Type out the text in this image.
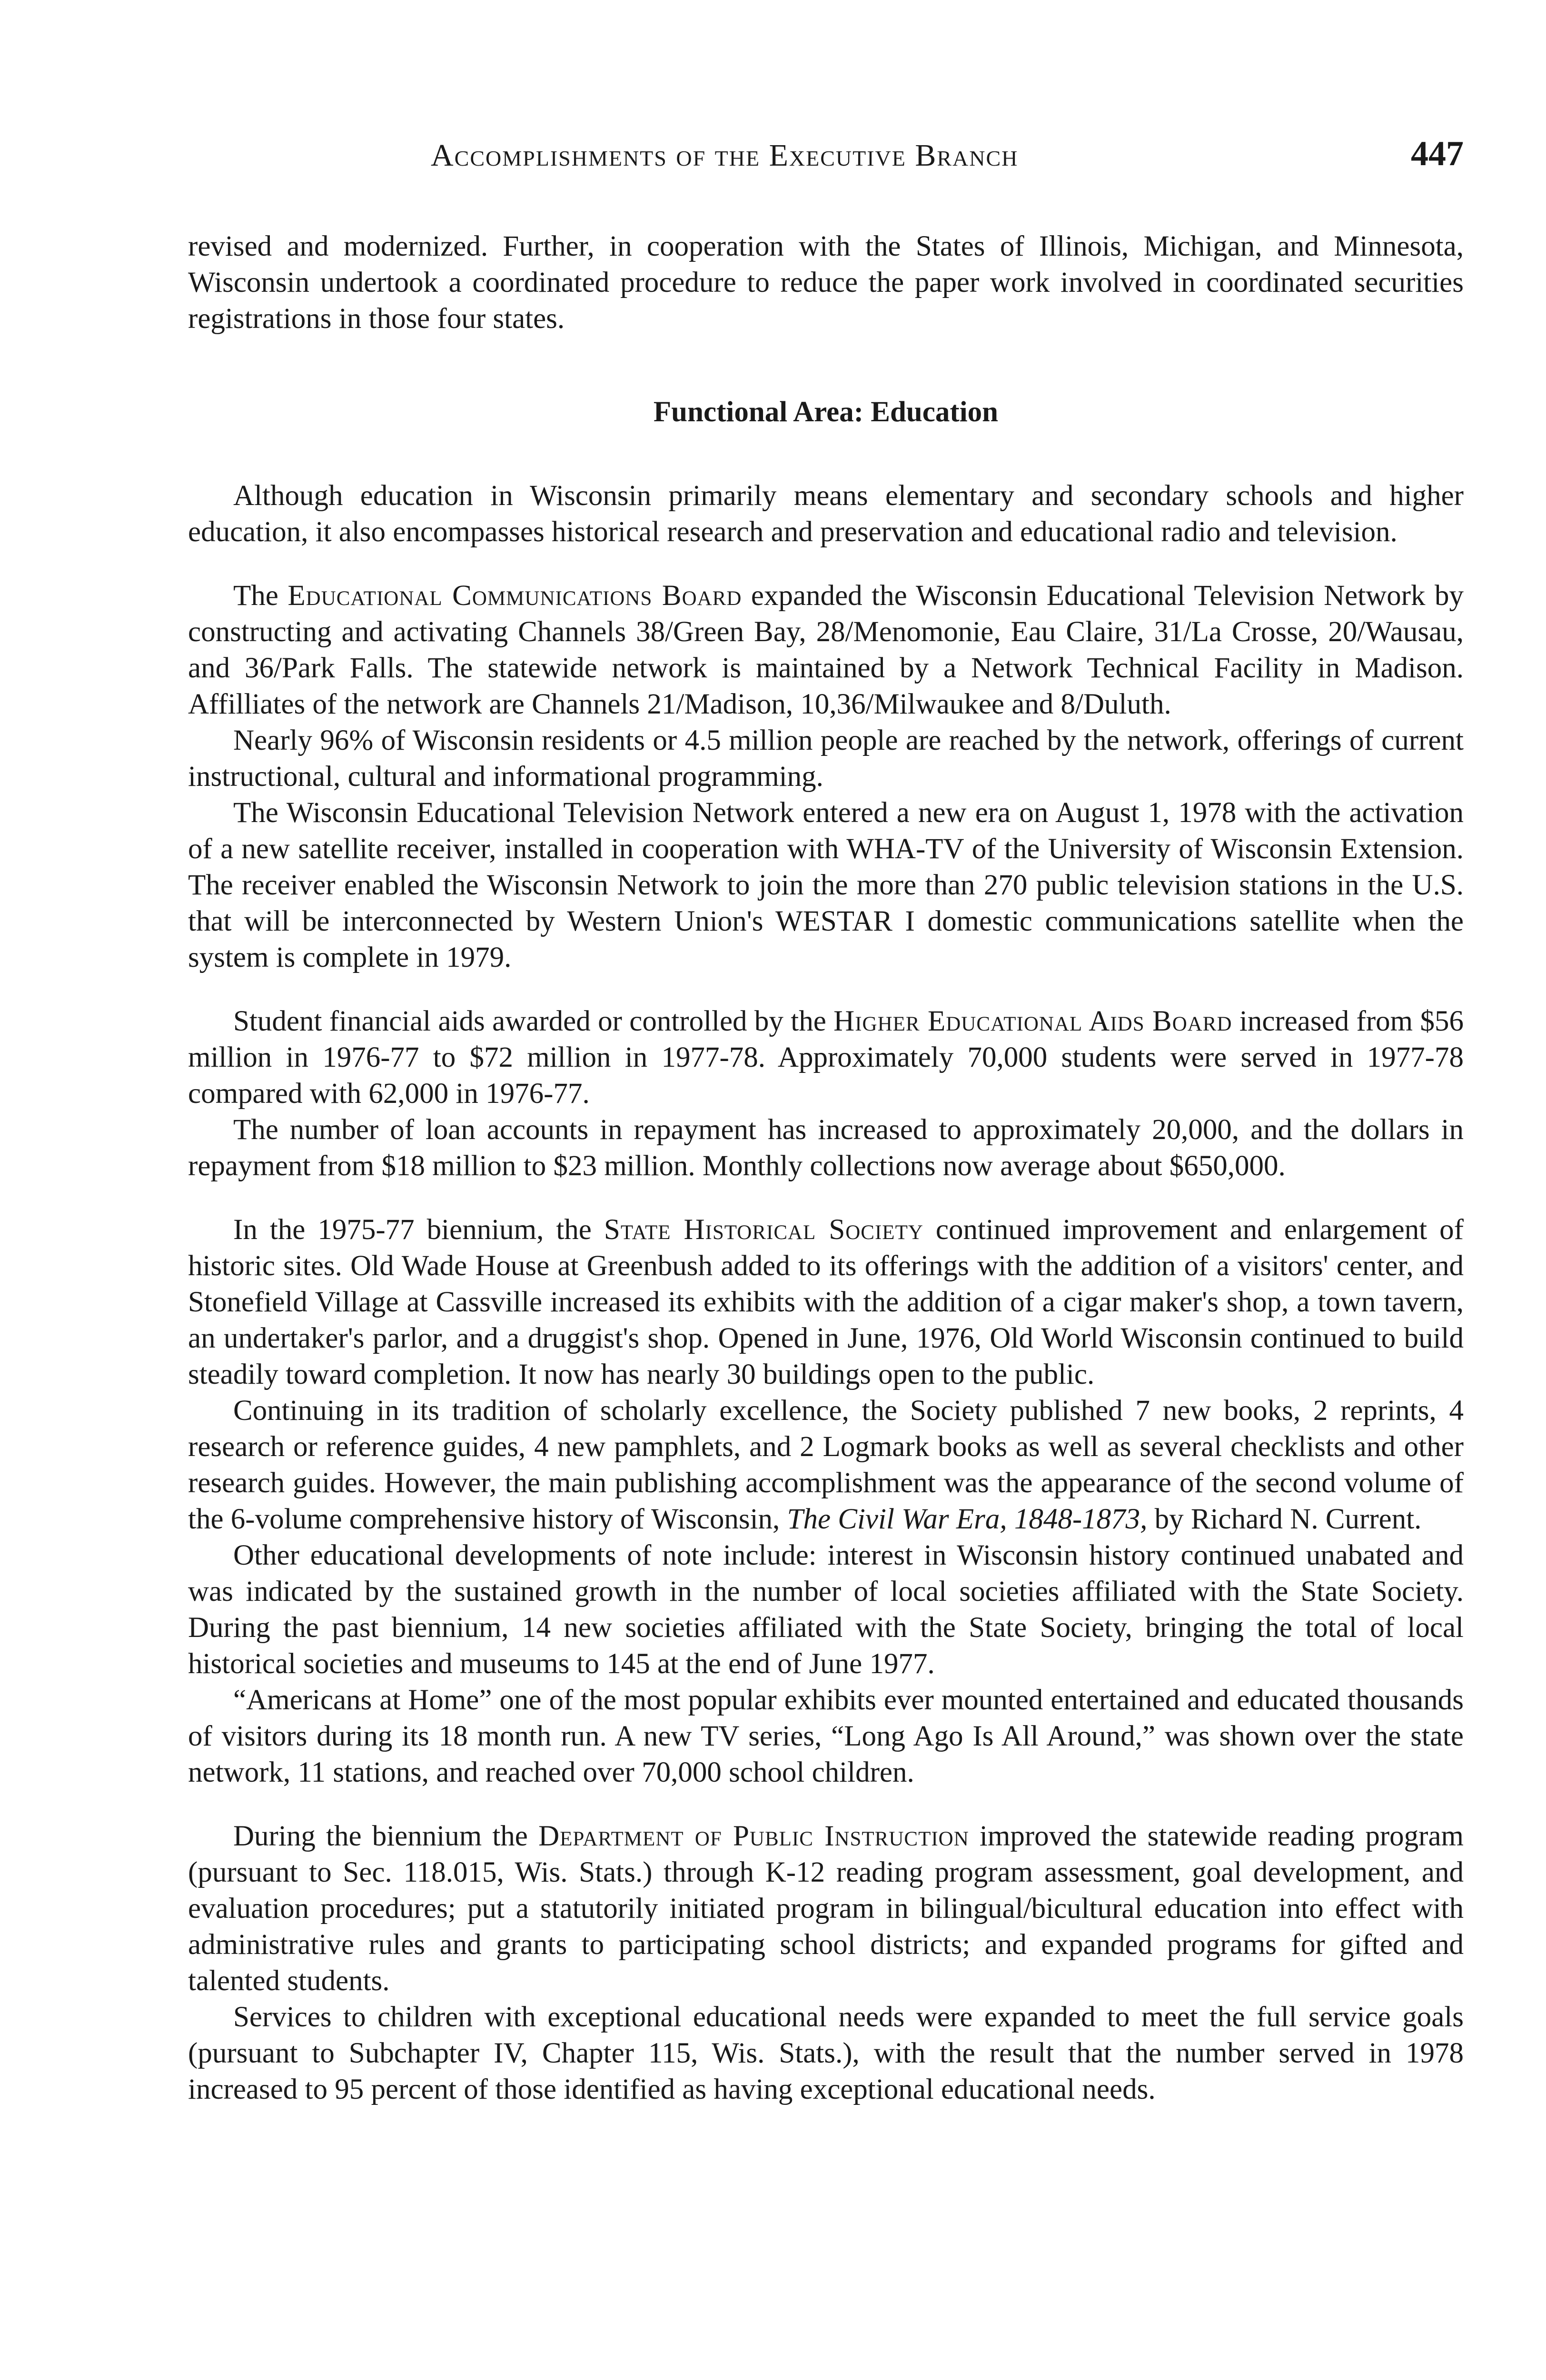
Accomplishments of the Executive Branch	447

revised and modernized. Further, in cooperation with the States of Illinois, Michigan, and Minnesota, Wisconsin undertook a coordinated procedure to reduce the paper work involved in coordinated securities registrations in those four states.

Functional Area: Education

Although education in Wisconsin primarily means elementary and secondary schools and higher education, it also encompasses historical research and preservation and educational radio and television.

The Educational Communications Board expanded the Wisconsin Educational Television Network by constructing and activating Channels 38/Green Bay, 28/Menomonie, Eau Claire, 31/La Crosse, 20/Wausau, and 36/Park Falls. The statewide network is maintained by a Network Technical Facility in Madison. Affilliates of the network are Channels 21/Madison, 10,36/Milwaukee and 8/Duluth.

Nearly 96% of Wisconsin residents or 4.5 million people are reached by the network, offerings of current instructional, cultural and informational programming.

The Wisconsin Educational Television Network entered a new era on August 1, 1978 with the activation of a new satellite receiver, installed in cooperation with WHA-TV of the University of Wisconsin Extension. The receiver enabled the Wisconsin Network to join the more than 270 public television stations in the U.S. that will be interconnected by Western Union's WESTAR I domestic communications satellite when the system is complete in 1979.

Student financial aids awarded or controlled by the Higher Educational Aids Board increased from $56 million in 1976-77 to $72 million in 1977-78. Approximately 70,000 students were served in 1977-78 compared with 62,000 in 1976-77.

The number of loan accounts in repayment has increased to approximately 20,000, and the dollars in repayment from $18 million to $23 million. Monthly collections now average about $650,000.

In the 1975-77 biennium, the State Historical Society continued improvement and enlargement of historic sites. Old Wade House at Greenbush added to its offerings with the addition of a visitors' center, and Stonefield Village at Cassville increased its exhibits with the addition of a cigar maker's shop, a town tavern, an undertaker's parlor, and a druggist's shop. Opened in June, 1976, Old World Wisconsin continued to build steadily toward completion. It now has nearly 30 buildings open to the public.

Continuing in its tradition of scholarly excellence, the Society published 7 new books, 2 reprints, 4 research or reference guides, 4 new pamphlets, and 2 Logmark books as well as several checklists and other research guides. However, the main publishing accomplishment was the appearance of the second volume of the 6-volume comprehensive history of Wisconsin, The Civil War Era, 1848-1873, by Richard N. Current.

Other educational developments of note include: interest in Wisconsin history continued unabated and was indicated by the sustained growth in the number of local societies affiliated with the State Society. During the past biennium, 14 new societies affiliated with the State Society, bringing the total of local historical societies and museums to 145 at the end of June 1977.

“Americans at Home” one of the most popular exhibits ever mounted entertained and educated thousands of visitors during its 18 month run. A new TV series, “Long Ago Is All Around,” was shown over the state network, 11 stations, and reached over 70,000 school children.

During the biennium the Department of Public Instruction improved the statewide reading program (pursuant to Sec. 118.015, Wis. Stats.) through K-12 reading program assessment, goal development, and evaluation procedures; put a statutorily initiated program in bilingual/bicultural education into effect with administrative rules and grants to participating school districts; and expanded programs for gifted and talented students.

Services to children with exceptional educational needs were expanded to meet the full service goals (pursuant to Subchapter IV, Chapter 115, Wis. Stats.), with the result that the number served in 1978 increased to 95 percent of those identified as having exceptional educational needs.
